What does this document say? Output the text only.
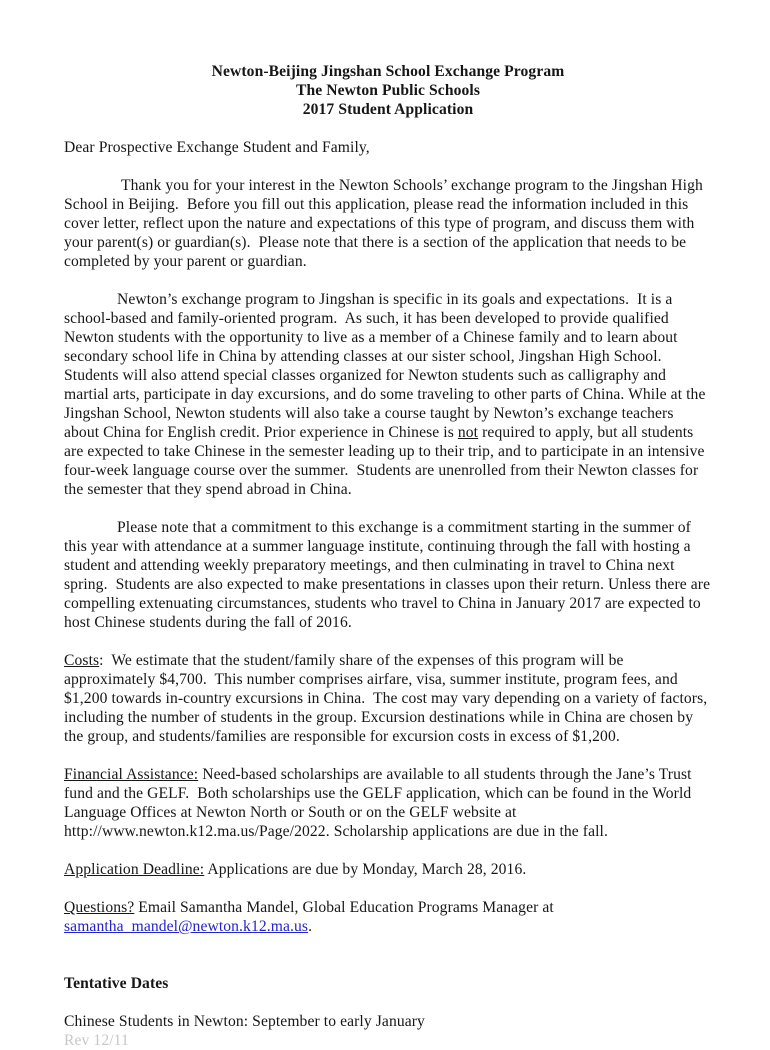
Newton-Beijing Jingshan School Exchange Program
The Newton Public Schools
2017 Student Application

Dear Prospective Exchange Student and Family,

Thank you for your interest in the Newton Schools’ exchange program to the Jingshan High School in Beijing.  Before you fill out this application, please read the information included in this cover letter, reflect upon the nature and expectations of this type of program, and discuss them with your parent(s) or guardian(s).  Please note that there is a section of the application that needs to be completed by your parent or guardian.

Newton’s exchange program to Jingshan is specific in its goals and expectations.  It is a school-based and family-oriented program.  As such, it has been developed to provide qualified Newton students with the opportunity to live as a member of a Chinese family and to learn about secondary school life in China by attending classes at our sister school, Jingshan High School. Students will also attend special classes organized for Newton students such as calligraphy and martial arts, participate in day excursions, and do some traveling to other parts of China. While at the Jingshan School, Newton students will also take a course taught by Newton’s exchange teachers about China for English credit. Prior experience in Chinese is not required to apply, but all students are expected to take Chinese in the semester leading up to their trip, and to participate in an intensive four-week language course over the summer.  Students are unenrolled from their Newton classes for the semester that they spend abroad in China.

Please note that a commitment to this exchange is a commitment starting in the summer of this year with attendance at a summer language institute, continuing through the fall with hosting a student and attending weekly preparatory meetings, and then culminating in travel to China next spring.  Students are also expected to make presentations in classes upon their return. Unless there are compelling extenuating circumstances, students who travel to China in January 2017 are expected to host Chinese students during the fall of 2016.

Costs:  We estimate that the student/family share of the expenses of this program will be approximately $4,700.  This number comprises airfare, visa, summer institute, program fees, and $1,200 towards in-country excursions in China.  The cost may vary depending on a variety of factors, including the number of students in the group. Excursion destinations while in China are chosen by the group, and students/families are responsible for excursion costs in excess of $1,200.

Financial Assistance: Need-based scholarships are available to all students through the Jane’s Trust fund and the GELF.  Both scholarships use the GELF application, which can be found in the World Language Offices at Newton North or South or on the GELF website at http://www.newton.k12.ma.us/Page/2022. Scholarship applications are due in the fall.

Application Deadline: Applications are due by Monday, March 28, 2016.

Questions? Email Samantha Mandel, Global Education Programs Manager at
samantha_mandel@newton.k12.ma.us.

Tentative Dates

Chinese Students in Newton: September to early January

Rev 12/11
